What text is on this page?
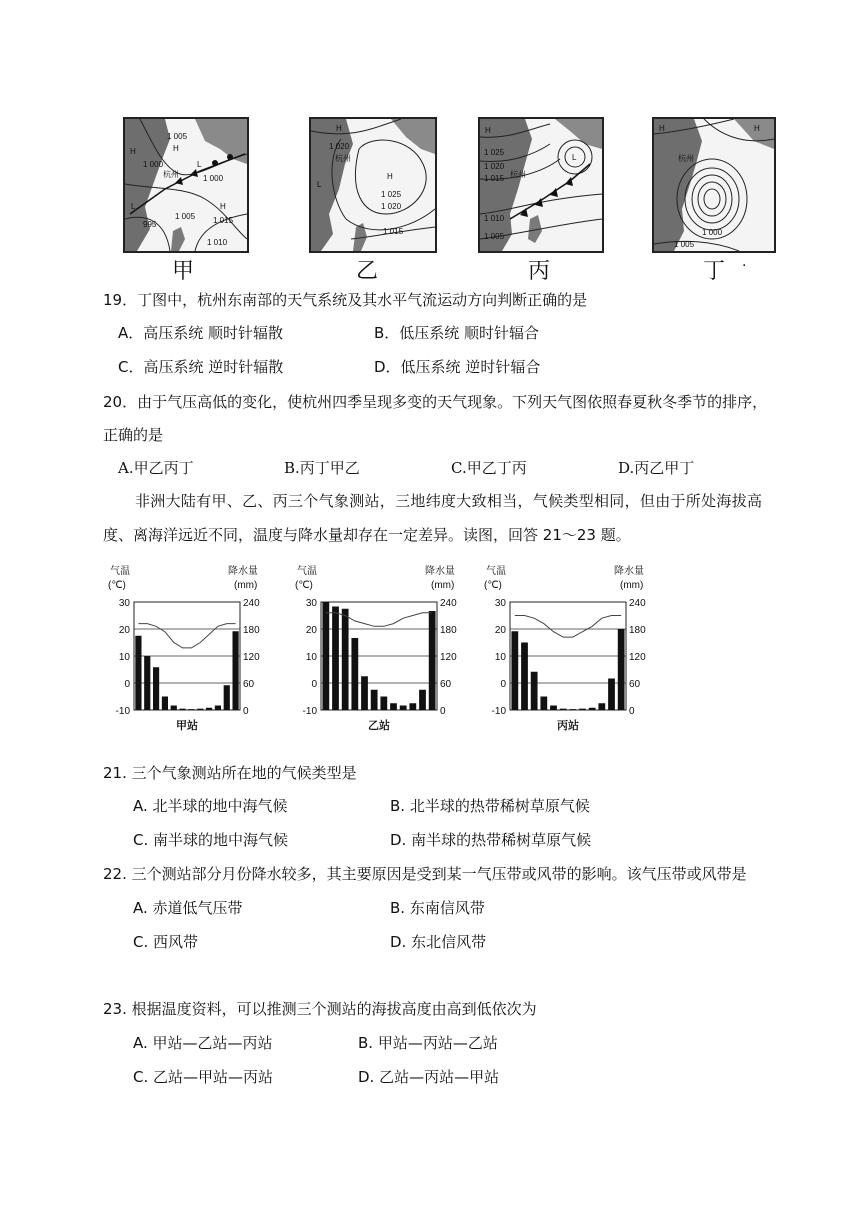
H
1 005
H
1 000
杭州
L
1 000
L
995
1 005
H
1 015
1 010
甲
H
1 020
杭州
L
H
1 025
1 020
1 015
乙
H
1 025
1 020
1 015
L
杭州
1 010
1 005
丙
H	H
杭州
1 000
1 005
丁 ·
19．丁图中，杭州东南部的天气系统及其水平气流运动方向判断正确的是
A．高压系统 顺时针辐散	B．低压系统 顺时针辐合
C．高压系统 逆时针辐散	D．低压系统 逆时针辐合
20．由于气压高低的变化，使杭州四季呈现多变的天气现象。下列天气图依照春夏秋冬季节的排序，
正确的是
A.甲乙丙丁	B.丙丁甲乙	C.甲乙丁丙	D.丙乙甲丁
非洲大陆有甲、乙、丙三个气象测站，三地纬度大致相当，气候类型相同，但由于所处海拔高
度、离海洋远近不同，温度与降水量却存在一定差异。读图，回答 21～23 题。
气温
(℃)
降水量
(mm)
30	240
20	180
10	120
0	60
-10	0
甲站
气温
(℃)
降水量
(mm)
30	240
20	180
10	120
0	60
-10	0
乙站
气温
(℃)
降水量
(mm)
30	240
20	180
10	120
0	60
-10	0
丙站
21. 三个气象测站所在地的气候类型是
A. 北半球的地中海气候	B. 北半球的热带稀树草原气候
C. 南半球的地中海气候	D. 南半球的热带稀树草原气候
22. 三个测站部分月份降水较多，其主要原因是受到某一气压带或风带的影响。该气压带或风带是
A. 赤道低气压带	B. 东南信风带
C. 西风带	D. 东北信风带
23. 根据温度资料，可以推测三个测站的海拔高度由高到低依次为
A. 甲站—乙站—丙站	B. 甲站—丙站—乙站
C. 乙站—甲站—丙站	D. 乙站—丙站—甲站
